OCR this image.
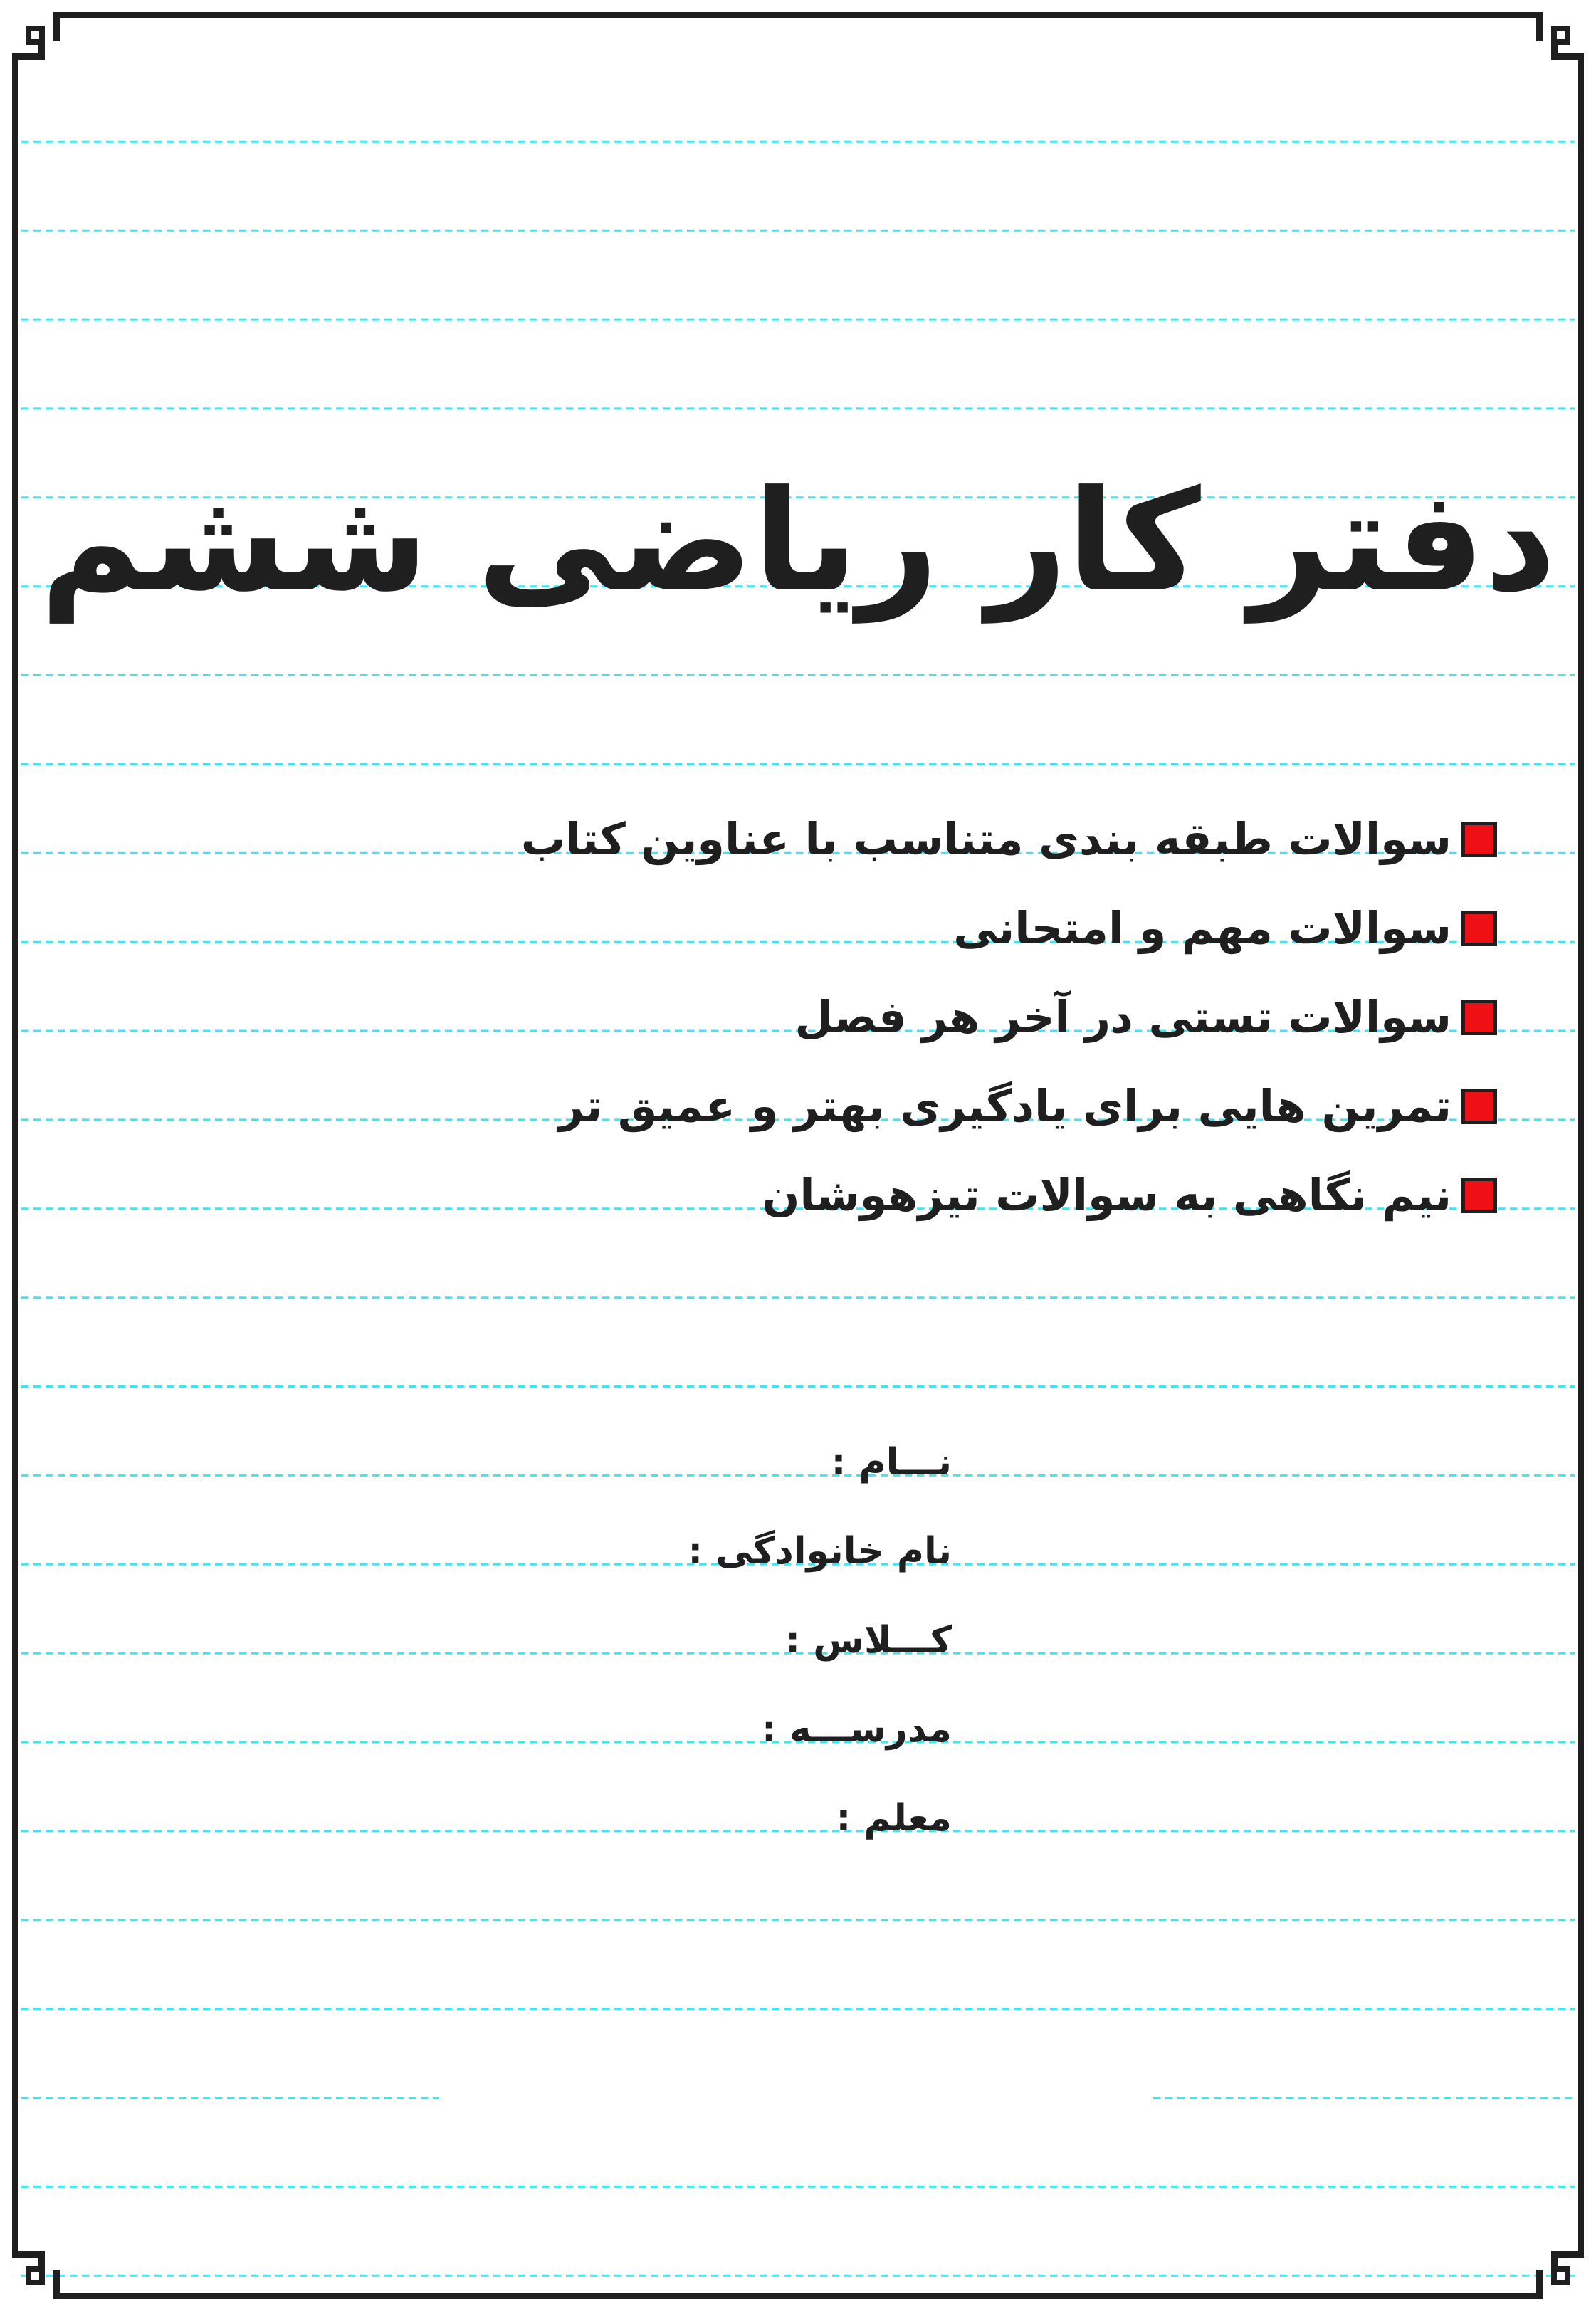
دفتر کار ریاضی ششم
سوالات طبقه بندی متناسب با عناوین کتاب
سوالات مهم و امتحانی
سوالات تستی در آخر هر فصل
تمرین هایی برای یادگیری بهتر و عمیق تر
نیم نگاهی به سوالات تیزهوشان
نـــام :
نام خانوادگی :
کـــلاس :
مدرســـه :
معلم :
